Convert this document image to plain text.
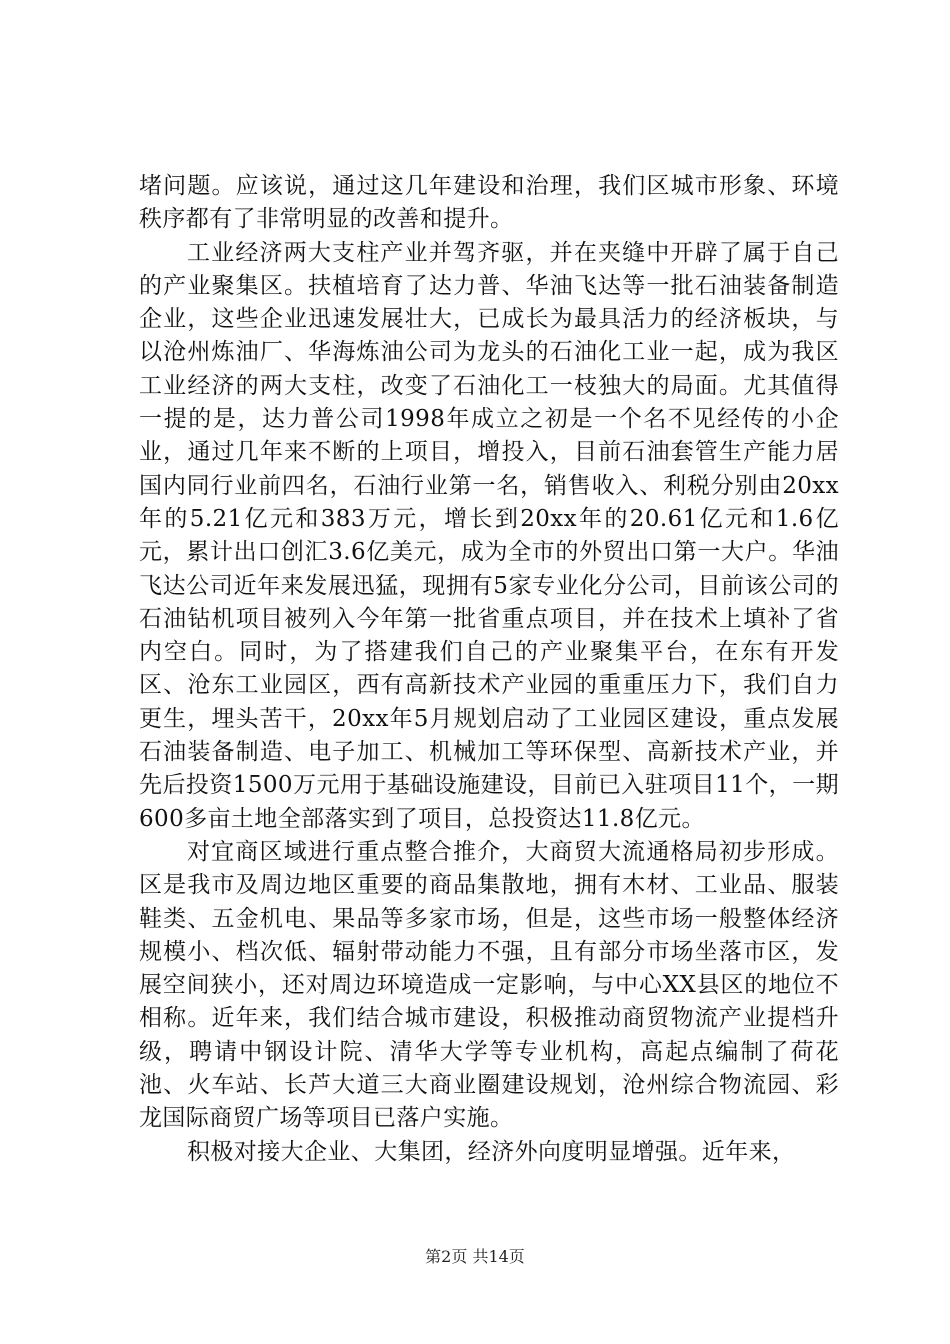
堵问题。应该说，通过这几年建设和治理，我们区城市形象、环境秩序都有了非常明显的改善和提升。

工业经济两大支柱产业并驾齐驱，并在夹缝中开辟了属于自己的产业聚集区。扶植培育了达力普、华油飞达等一批石油装备制造企业，这些企业迅速发展壮大，已成长为最具活力的经济板块，与以沧州炼油厂、华海炼油公司为龙头的石油化工业一起，成为我区工业经济的两大支柱，改变了石油化工一枝独大的局面。尤其值得一提的是，达力普公司1998年成立之初是一个名不见经传的小企业，通过几年来不断的上项目，增投入，目前石油套管生产能力居国内同行业前四名，石油行业第一名，销售收入、利税分别由20xx年的5.21亿元和383万元，增长到20xx年的20.61亿元和1.6亿元，累计出口创汇3.6亿美元，成为全市的外贸出口第一大户。华油飞达公司近年来发展迅猛，现拥有5家专业化分公司，目前该公司的石油钻机项目被列入今年第一批省重点项目，并在技术上填补了省内空白。同时，为了搭建我们自己的产业聚集平台，在东有开发区、沧东工业园区，西有高新技术产业园的重重压力下，我们自力更生，埋头苦干，20xx年5月规划启动了工业园区建设，重点发展石油装备制造、电子加工、机械加工等环保型、高新技术产业，并先后投资1500万元用于基础设施建设，目前已入驻项目11个，一期600多亩土地全部落实到了项目，总投资达11.8亿元。

对宜商区域进行重点整合推介，大商贸大流通格局初步形成。区是我市及周边地区重要的商品集散地，拥有木材、工业品、服装鞋类、五金机电、果品等多家市场，但是，这些市场一般整体经济规模小、档次低、辐射带动能力不强，且有部分市场坐落市区，发展空间狭小，还对周边环境造成一定影响，与中心XX县区的地位不相称。近年来，我们结合城市建设，积极推动商贸物流产业提档升级，聘请中钢设计院、清华大学等专业机构，高起点编制了荷花池、火车站、长芦大道三大商业圈建设规划，沧州综合物流园、彩龙国际商贸广场等项目已落户实施。

积极对接大企业、大集团，经济外向度明显增强。近年来，

第2页 共14页
